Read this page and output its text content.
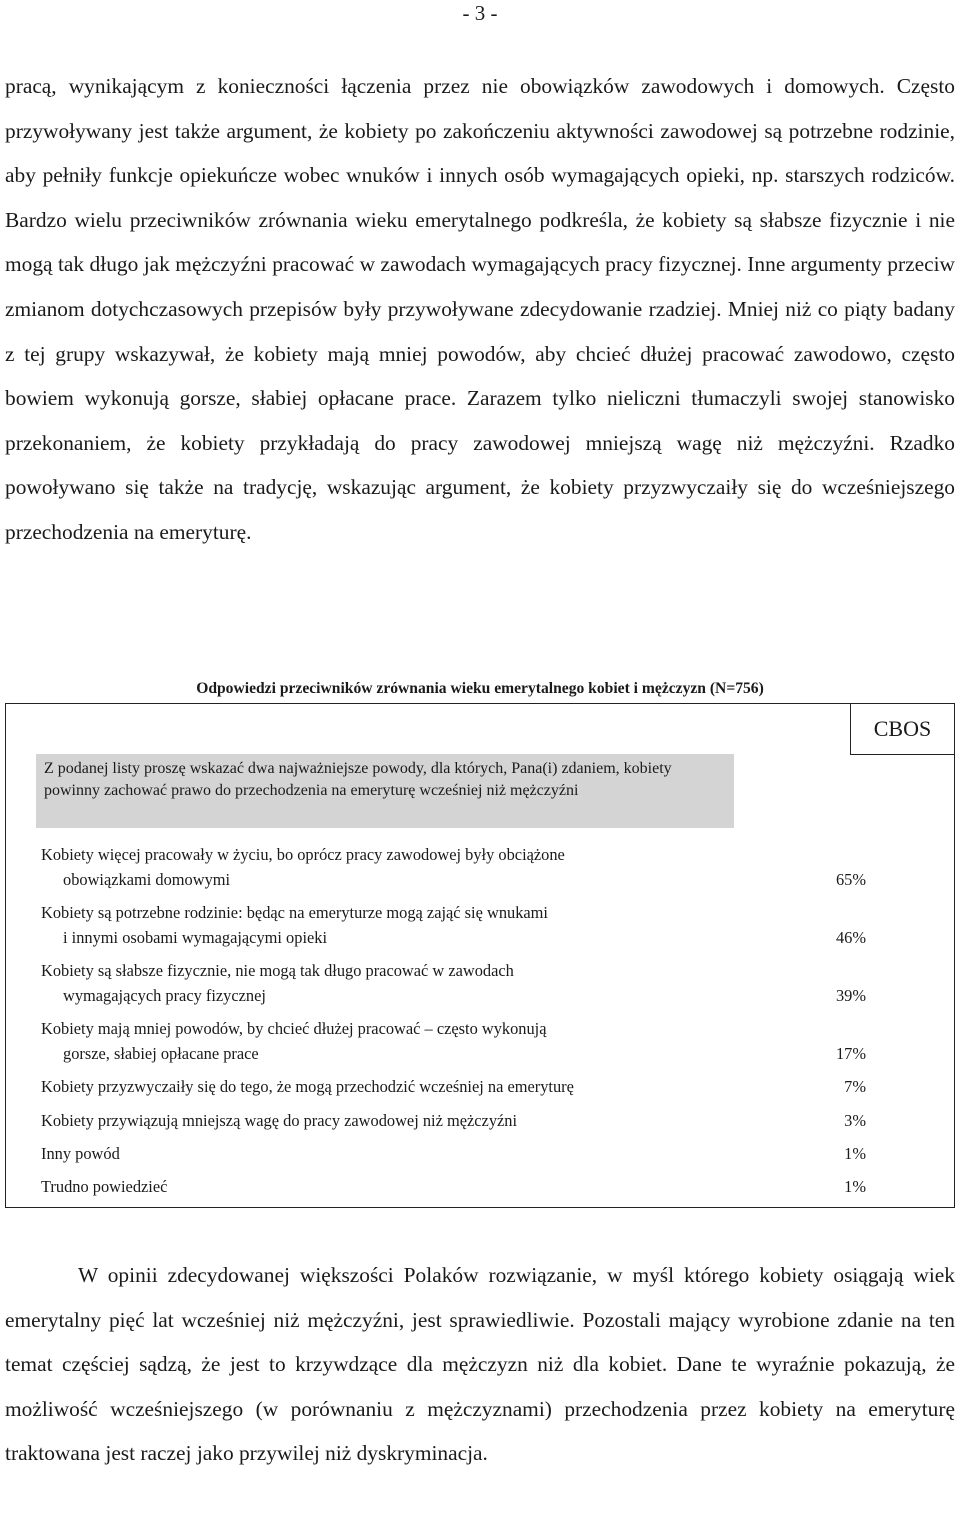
- 3 -

pracą, wynikającym z konieczności łączenia przez nie obowiązków zawodowych i domowych. Często przywoływany jest także argument, że kobiety po zakończeniu aktywności zawodowej są potrzebne rodzinie, aby pełniły funkcje opiekuńcze wobec wnuków i innych osób wymagających opieki, np. starszych rodziców. Bardzo wielu przeciwników zrównania wieku emerytalnego podkreśla, że kobiety są słabsze fizycznie i nie mogą tak długo jak mężczyźni pracować w zawodach wymagających pracy fizycznej. Inne argumenty przeciw zmianom dotychczasowych przepisów były przywoływane zdecydowanie rzadziej. Mniej niż co piąty badany z tej grupy wskazywał, że kobiety mają mniej powodów, aby chcieć dłużej pracować zawodowo, często bowiem wykonują gorsze, słabiej opłacane prace. Zarazem tylko nieliczni tłumaczyli swojej stanowisko przekonaniem, że kobiety przykładają do pracy zawodowej mniejszą wagę niż mężczyźni. Rzadko powoływano się także na tradycję, wskazując argument, że kobiety przyzwyczaiły się do wcześniejszego przechodzenia na emeryturę.

Odpowiedzi przeciwników zrównania wieku emerytalnego kobiet i mężczyzn (N=756)
CBOS
Z podanej listy proszę wskazać dwa najważniejsze powody, dla których, Pana(i) zdaniem, kobiety powinny zachować prawo do przechodzenia na emeryturę wcześniej niż mężczyźni
Kobiety więcej pracowały w życiu, bo oprócz pracy zawodowej były obciążone
obowiązkami domowymi	65%
Kobiety są potrzebne rodzinie: będąc na emeryturze mogą zająć się wnukami
i innymi osobami wymagającymi opieki	46%
Kobiety są słabsze fizycznie, nie mogą tak długo pracować w zawodach
wymagających pracy fizycznej	39%
Kobiety mają mniej powodów, by chcieć dłużej pracować – często wykonują
gorsze, słabiej opłacane prace	17%
Kobiety przyzwyczaiły się do tego, że mogą przechodzić wcześniej na emeryturę	7%
Kobiety przywiązują mniejszą wagę do pracy zawodowej niż mężczyźni	3%
Inny powód	1%
Trudno powiedzieć	1%

W opinii zdecydowanej większości Polaków rozwiązanie, w myśl którego kobiety osiągają wiek emerytalny pięć lat wcześniej niż mężczyźni, jest sprawiedliwie. Pozostali mający wyrobione zdanie na ten temat częściej sądzą, że jest to krzywdzące dla mężczyzn niż dla kobiet. Dane te wyraźnie pokazują, że możliwość wcześniejszego (w porównaniu z mężczyznami) przechodzenia przez kobiety na emeryturę traktowana jest raczej jako przywilej niż dyskryminacja.
